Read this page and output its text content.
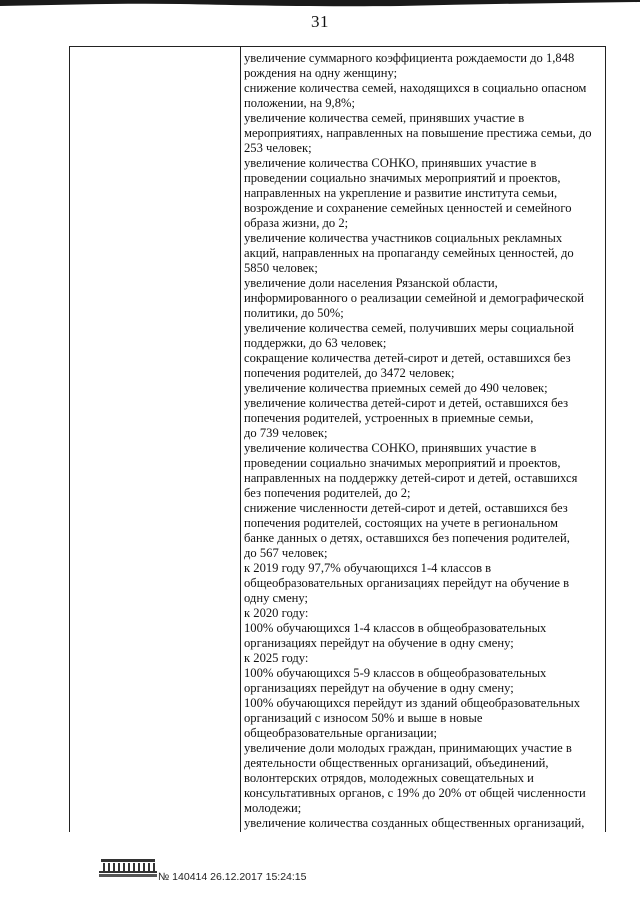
31
увеличение суммарного коэффициента рождаемости до 1,848
рождения на одну женщину;
снижение количества семей, находящихся в социально опасном
положении, на 9,8%;
увеличение количества семей, принявших участие в
мероприятиях, направленных на повышение престижа семьи, до
253 человек;
увеличение количества СОНКО, принявших участие в
проведении социально значимых мероприятий и проектов,
направленных на укрепление и развитие института семьи,
возрождение и сохранение семейных ценностей и семейного
образа жизни, до 2;
увеличение количества участников социальных рекламных
акций, направленных на пропаганду семейных ценностей, до
5850 человек;
увеличение доли населения Рязанской области,
информированного о реализации семейной и демографической
политики, до 50%;
увеличение количества семей, получивших меры социальной
поддержки, до 63 человек;
сокращение количества детей-сирот и детей, оставшихся без
попечения родителей, до 3472 человек;
увеличение количества приемных семей до 490 человек;
увеличение количества детей-сирот и детей, оставшихся без
попечения родителей, устроенных в приемные семьи,
до 739 человек;
увеличение количества СОНКО, принявших участие в
проведении социально значимых мероприятий и проектов,
направленных на поддержку детей-сирот и детей, оставшихся
без попечения родителей, до 2;
снижение численности детей-сирот и детей, оставшихся без
попечения родителей, состоящих на учете в региональном
банке данных о детях, оставшихся без попечения родителей,
до 567 человек;
к 2019 году 97,7% обучающихся 1-4 классов в
общеобразовательных организациях перейдут на обучение в
одну смену;
к 2020 году:
100% обучающихся 1-4 классов в общеобразовательных
организациях перейдут на обучение в одну смену;
к 2025 году:
100% обучающихся 5-9 классов в общеобразовательных
организациях перейдут на обучение в одну смену;
100% обучающихся перейдут из зданий общеобразовательных
организаций с износом 50% и выше в новые
общеобразовательные организации;
увеличение доли молодых граждан, принимающих участие в
деятельности общественных организаций, объединений,
волонтерских отрядов, молодежных совещательных и
консультативных органов, с 19% до 20% от общей численности
молодежи;
увеличение количества созданных общественных организаций,
№ 140414 26.12.2017 15:24:15
